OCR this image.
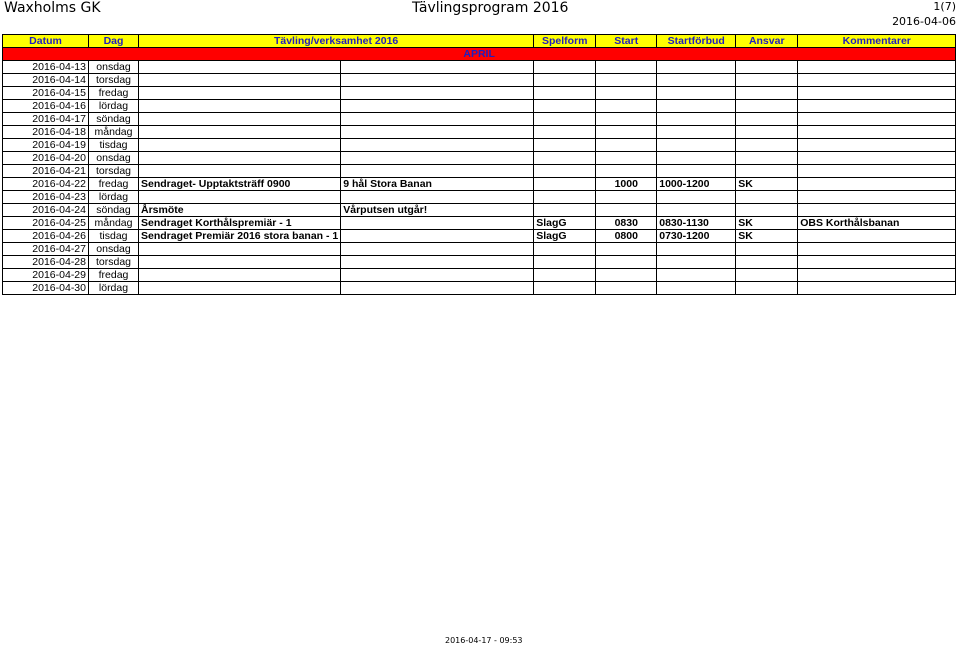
Waxholms GK	Tävlingsprogram 2016	1(7)
2016-04-06
Datum	Dag	Tävling/verksamhet 2016		Spelform	Start	Startförbud	Ansvar	Kommentarer
APRIL								
2016-04-13	onsdag							
2016-04-14	torsdag							
2016-04-15	fredag							
2016-04-16	lördag							
2016-04-17	söndag							
2016-04-18	måndag							
2016-04-19	tisdag							
2016-04-20	onsdag							
2016-04-21	torsdag							
2016-04-22	fredag	Sendraget- Upptaktsträff 0900	9 hål Stora Banan		1000	1000-1200	SK	
2016-04-23	lördag							
2016-04-24	söndag	Årsmöte	Vårputsen utgår!					
2016-04-25	måndag	Sendraget Korthålspremiär - 1		SlagG	0830	0830-1130	SK	OBS Korthålsbanan
2016-04-26	tisdag	Sendraget Premiär 2016 stora banan - 1		SlagG	0800	0730-1200	SK	
2016-04-27	onsdag							
2016-04-28	torsdag							
2016-04-29	fredag							
2016-04-30	lördag							
2016-04-17 - 09:53
